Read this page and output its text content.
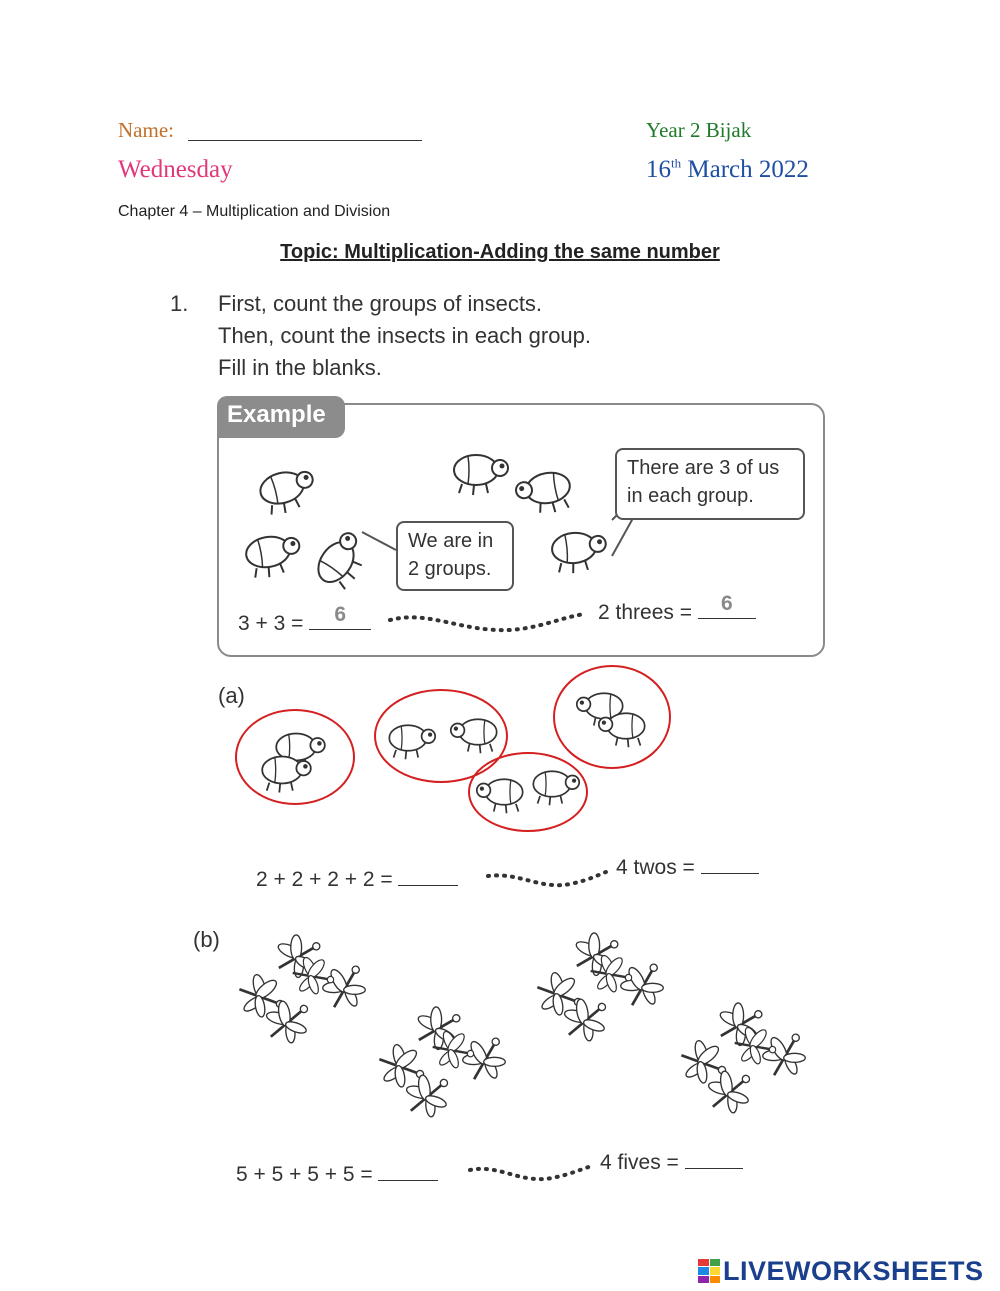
Name:	Year 2 Bijak
Wednesday	16th March 2022
Chapter 4 – Multiplication and Division
Topic: Multiplication-Adding the same number
1. First, count the groups of insects.
Then, count the insects in each group.
Fill in the blanks.
Example
We are in
2 groups.
There are 3 of us
in each group.
3 + 3 =	6	2 threes =	6
(a)
2 + 2 + 2 + 2 =
4 twos =
(b)
5 + 5 + 5 + 5 =
4 fives =
LIVEWORKSHEETS
